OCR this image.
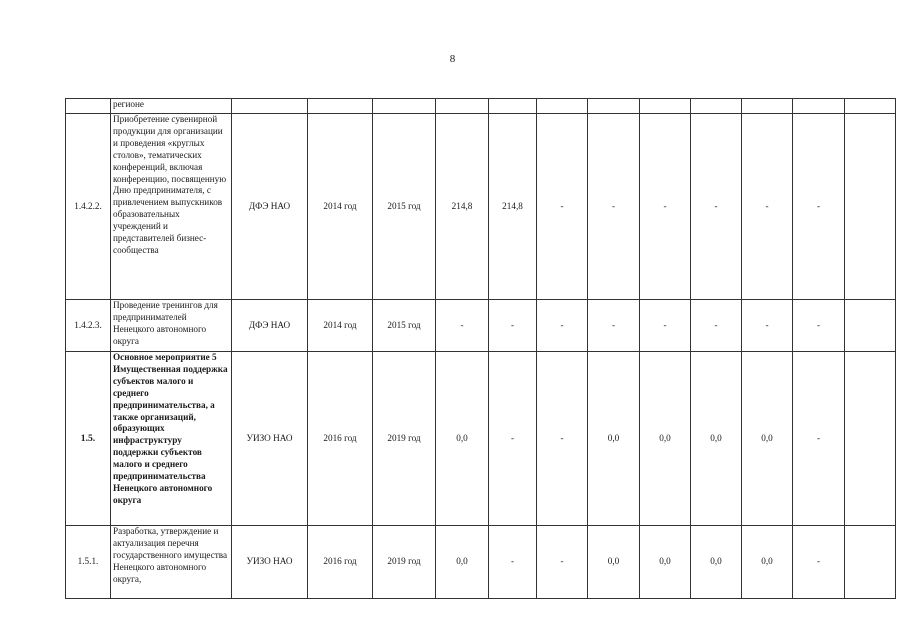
8
	регионе												
1.4.2.2.	Приобретение сувенирной продукции для организации и проведения «круглых столов», тематических конференций, включая конференцию, посвященную Дню предпринимателя, с привлечением выпускников образовательных учреждений и представителей бизнес-сообщества	ДФЭ НАО	2014 год	2015 год	214,8	214,8	-	-	-	-	-	-	
1.4.2.3.	Проведение тренингов для предпринимателей Ненецкого автономного округа	ДФЭ НАО	2014 год	2015 год	-	-	-	-	-	-	-	-	
1.5.	Основное мероприятие 5 Имущественная поддержка субъектов малого и среднего предпринимательства, а также организаций, образующих инфраструктуру поддержки субъектов малого и среднего предпринимательства Ненецкого автономного округа	УИЗО НАО	2016 год	2019 год	0,0	-	-	0,0	0,0	0,0	0,0	-	
1.5.1.	Разработка, утверждение и актуализация перечня государственного имущества Ненецкого автономного округа,	УИЗО НАО	2016 год	2019 год	0,0	-	-	0,0	0,0	0,0	0,0	-	
